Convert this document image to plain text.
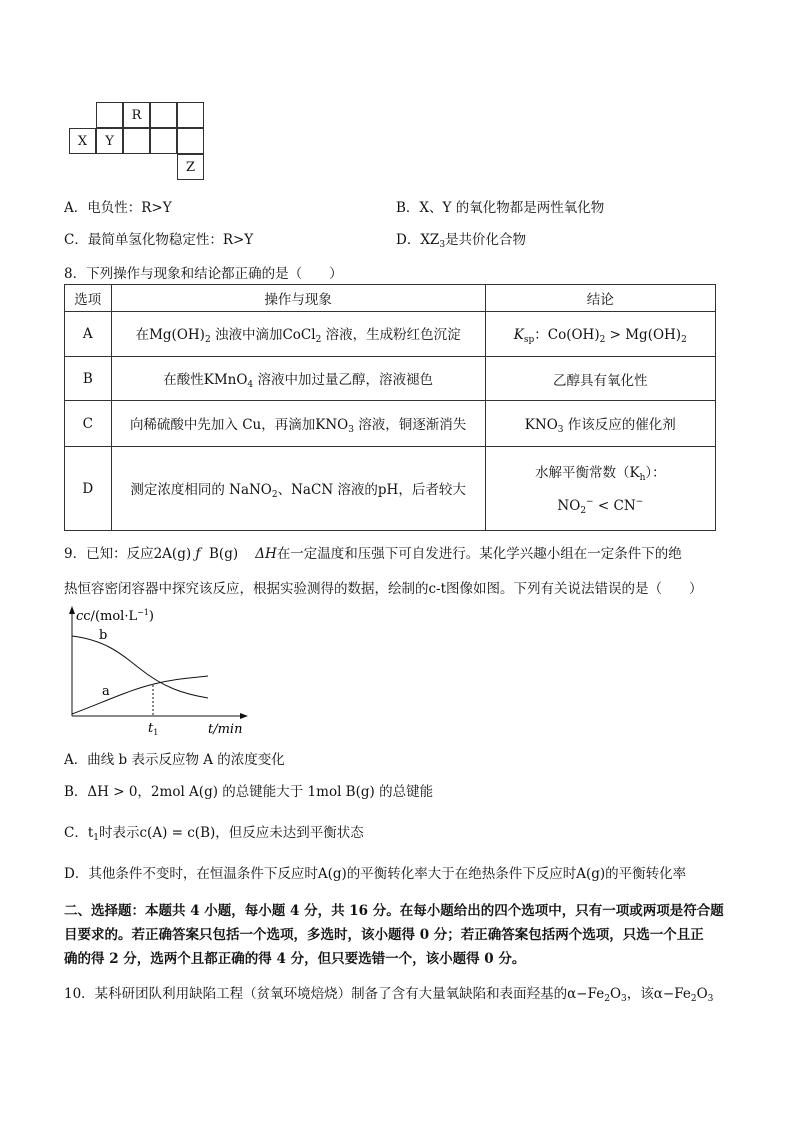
R
X	Y
Z
A．电负性：R>Y	B．X、Y 的氧化物都是两性氧化物
C．最简单氢化物稳定性：R>Y	D．$XZ_3$是共价化合物
8．下列操作与现象和结论都正确的是（　　）
选项	操作与现象	结论
A	在$Mg(OH)_2$ 浊液中滴加CoCl$_2$ 溶液，生成粉红色沉淀	$K_{sp}$：$Co(OH)_2 > Mg(OH)_2$
B	在酸性KMnO$_4$ 溶液中加过量乙醇，溶液褪色	乙醇具有氧化性
C	向稀硫酸中先加入 Cu，再滴加$KNO_3$ 溶液，铜逐渐消失	$KNO_3$ 作该反应的催化剂
D	测定浓度相同的 NaNO$_2$、NaCN 溶液的pH，后者较大	水解平衡常数$(K_h)$：
$NO_2^- < CN^-$
9．已知：反应2A(g) ƒ B(g) ΔH在一定温度和压强下可自发进行。某化学兴趣小组在一定条件下的绝
热恒容密闭容器中探究该反应，根据实验测得的数据，绘制的c-t图像如图。下列有关说法错误的是（　　）
$cc/(mol\cdot L^{-1})$
b
a
$t_1$	t/min
A．曲线 b 表示反应物 A 的浓度变化
B．ΔH > 0，2mol A(g) 的总键能大于 1mol B(g) 的总键能
C．$t_1$时表示c(A) = c(B)，但反应未达到平衡状态
D．其他条件不变时，在恒温条件下反应时A(g)的平衡转化率大于在绝热条件下反应时A(g)的平衡转化率
二、选择题：本题共 4 小题，每小题 4 分，共 16 分。在每小题给出的四个选项中，只有一项或两项是符合题
目要求的。若正确答案只包括一个选项，多选时，该小题得 0 分；若正确答案包括两个选项，只选一个且正
确的得 2 分，选两个且都正确的得 4 分，但只要选错一个，该小题得 0 分。
10．某科研团队利用缺陷工程（贫氧环境焙烧）制备了含有大量氧缺陷和表面羟基的$\alpha-Fe_2O_3$，该$\alpha-Fe_2O_3$
